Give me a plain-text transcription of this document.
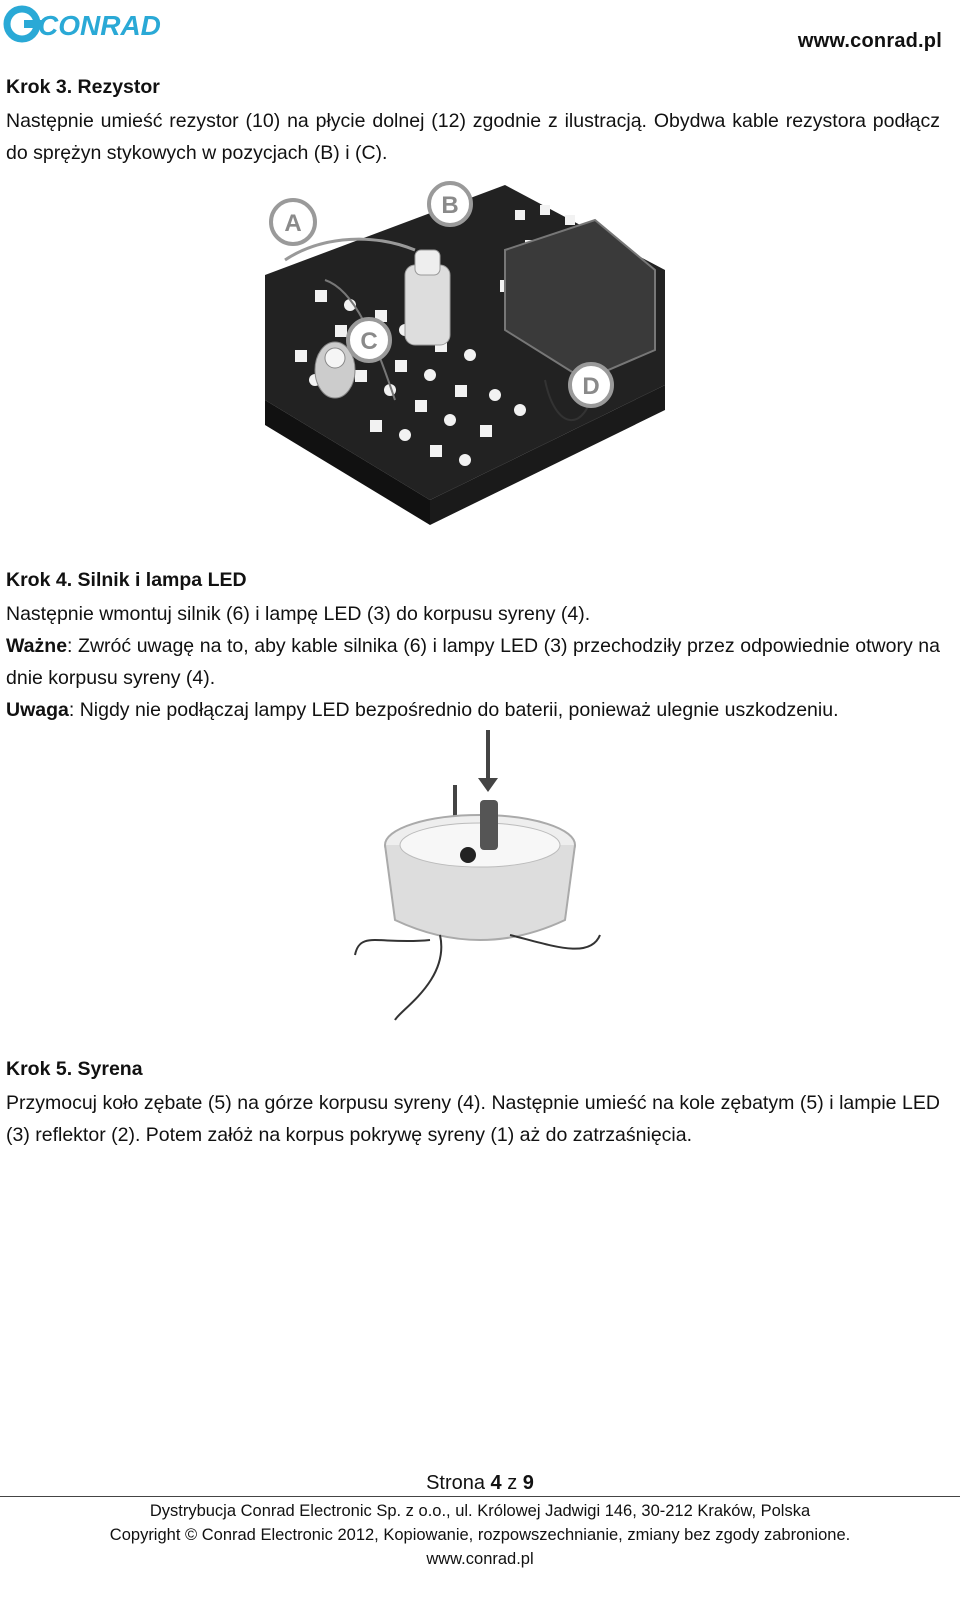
CONRAD	www.conrad.pl
Krok 3. Rezystor
Następnie umieść rezystor (10) na płycie dolnej (12) zgodnie z ilustracją. Obydwa kable rezystora podłącz do sprężyn stykowych w pozycjach (B) i (C).
A
B
C
D
Krok 4. Silnik i lampa LED
Następnie wmontuj silnik (6) i lampę LED (3) do korpusu syreny (4).
Ważne: Zwróć uwagę na to, aby kable silnika (6) i lampy LED (3) przechodziły przez odpowiednie otwory na dnie korpusu syreny (4).
Uwaga: Nigdy nie podłączaj lampy LED bezpośrednio do baterii, ponieważ ulegnie uszkodzeniu.
Krok 5. Syrena
Przymocuj koło zębate (5) na górze korpusu syreny (4). Następnie umieść na kole zębatym (5) i lampie LED (3) reflektor (2). Potem załóż na korpus pokrywę syreny (1) aż do zatrzaśnięcia.
Strona 4 z 9
Dystrybucja Conrad Electronic Sp. z o.o., ul. Królowej Jadwigi 146, 30-212 Kraków, Polska
Copyright © Conrad Electronic 2012, Kopiowanie, rozpowszechnianie, zmiany bez zgody zabronione.
www.conrad.pl
